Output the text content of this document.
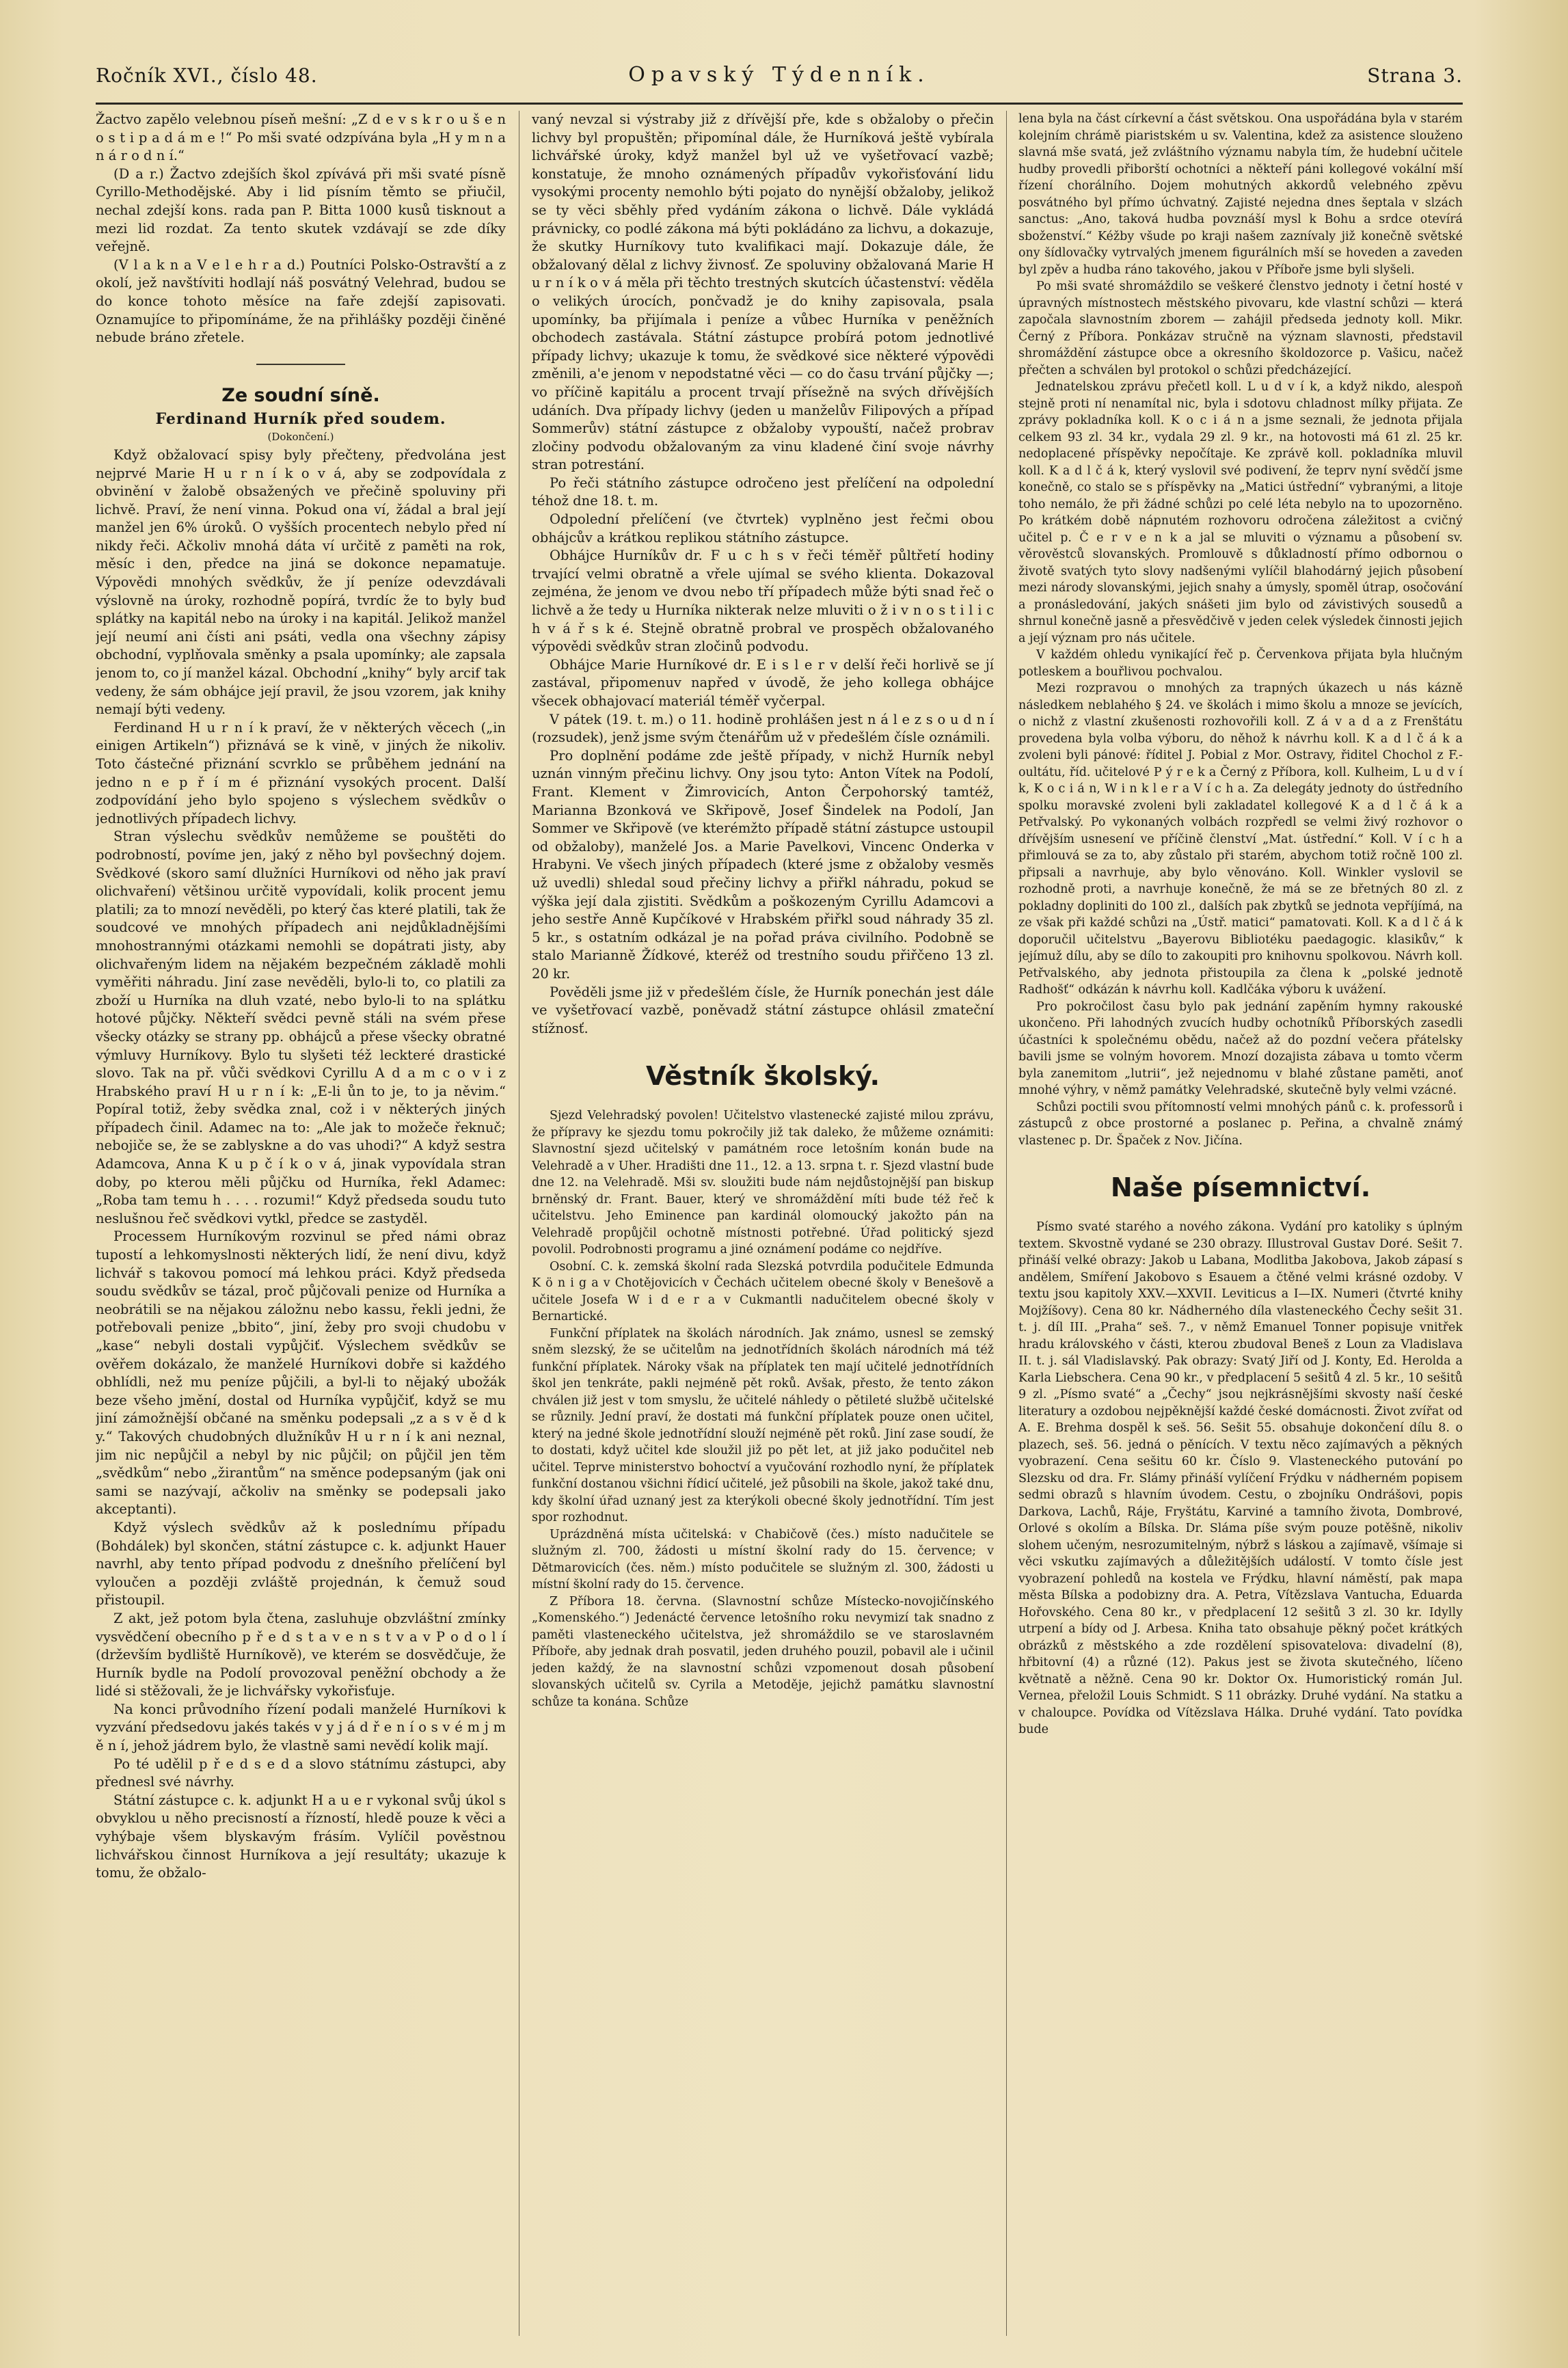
Ročník XVI., číslo 48.	Opavský Týdenník.	Strana 3.

Žactvo zapělo velebnou píseň mešní: „Z d e v s k r o u š e n o s t i p a d á m e !“ Po mši svaté odzpívána byla „H y m n a n á r o d n í.“

(D a r.) Žactvo zdejších škol zpívává při mši svaté písně Cyrillo-Methodějské. Aby i lid písním těmto se přiučil, nechal zdejší kons. rada pan P. Bitta 1000 kusů tisknout a mezi lid rozdat. Za tento skutek vzdávají se zde díky veřejně.

(V l a k n a V e l e h r a d.) Poutníci Polsko-Ostravští a z okolí, jež navštíviti hodlají náš posvátný Velehrad, budou se do konce tohoto měsíce na faře zdejší zapisovati. Oznamujíce to připomínáme, že na přihlášky později činěné nebude bráno zřetele.

Ze soudní síně.

Ferdinand Hurník před soudem.

(Dokončení.)

Když obžalovací spisy byly přečteny, předvolána jest nejprvé Marie H u r n í k o v á, aby se zodpovídala z obvinění v žalobě obsažených ve přečině spoluviny při lichvě. Praví, že není vinna. Pokud ona ví, žádal a bral její manžel jen 6% úroků. O vyšších procentech nebylo před ní nikdy řeči. Ačkoliv mnohá dáta ví určitě z paměti na rok, měsíc i den, předce na jiná se dokonce nepamatuje. Výpovědi mnohých svědkův, že jí peníze odevzdávali výslovně na úroky, rozhodně popírá, tvrdíc že to byly buď splátky na kapitál nebo na úroky i na kapitál. Jelikož manžel její neumí ani čísti ani psáti, vedla ona všechny zápisy obchodní, vyplňovala směnky a psala upomínky; ale zapsala jenom to, co jí manžel kázal. Obchodní „knihy“ byly arcif tak vedeny, že sám obhájce její pravil, že jsou vzorem, jak knihy nemají býti vedeny.

Ferdinand H u r n í k praví, že v některých věcech („in einigen Artikeln“) přiznává se k vině, v jiných že nikoliv. Toto částečné přiznání scvrklo se průběhem jednání na jedno n e p ř í m é přiznání vysokých procent. Další zodpovídání jeho bylo spojeno s výslechem svědkův o jednotlivých případech lichvy.

Stran výslechu svědkův nemůžeme se pouštěti do podrobností, povíme jen, jaký z něho byl povšechný dojem. Svědkové (skoro samí dlužníci Hurníkovi od něho jak praví olichvaření) většinou určitě vypovídali, kolik procent jemu platili; za to mnozí nevěděli, po který čas které platili, tak že soudcové ve mnohých případech ani nejdůkladnějšími mnohostrannými otázkami nemohli se dopátrati jisty, aby olichvařeným lidem na nějakém bezpečném základě mohli vyměřiti náhradu. Jiní zase nevěděli, bylo-li to, co platili za zboží u Hurníka na dluh vzaté, nebo bylo-li to na splátku hotové půjčky. Někteří svědci pevně stáli na svém přese všecky otázky se strany pp. obhájců a přese všecky obratné výmluvy Hurníkovy. Bylo tu slyšeti též leckteré drastické slovo. Tak na př. vůči svědkovi Cyrillu A d a m c o v i z Hrabského praví H u r n í k: „E-li ůn to je, to ja něvim.“ Popíral totiž, žeby svědka znal, což i v některých jiných případech činil. Adamec na to: „Ale jak to možeče řeknuč; nebojiče se, že se zablyskne a do vas uhodi?“ A když sestra Adamcova, Anna K u p č í k o v á, jinak vypovídala stran doby, po kterou měli půjčku od Hurníka, řekl Adamec: „Roba tam temu h . . . . rozumi!“ Když předseda soudu tuto neslušnou řeč svědkovi vytkl, předce se zastyděl.

Processem Hurníkovým rozvinul se před námi obraz tupostí a lehkomyslnosti některých lidí, že není divu, když lichvář s takovou pomocí má lehkou práci. Když předseda soudu svědkův se tázal, proč půjčovali penize od Hurníka a neobrátili se na nějakou záložnu nebo kassu, řekli jedni, že potřebovali penize „bbito“, jiní, žeby pro svoji chudobu v „kase“ nebyli dostali vypůjčiť. Výslechem svědkův se ověřem dokázalo, že manželé Hurníkovi dobře si každého obhlídli, než mu peníze půjčili, a byl-li to nějaký ubožák beze všeho jmění, dostal od Hurníka vypůjčiť, když se mu jiní zámožnější občané na směnku podepsali „z a s v ě d k y.“ Takových chudobných dlužníkův H u r n í k ani neznal, jim nic nepůjčil a nebyl by nic půjčil; on půjčil jen těm „svědkům“ nebo „žirantům“ na směnce podepsaným (jak oni sami se nazývají, ačkoliv na směnky se podepsali jako akceptanti).

Když výslech svědkův až k poslednímu případu (Bohdálek) byl skončen, státní zástupce c. k. adjunkt Hauer navrhl, aby tento případ podvodu z dnešního přelíčení byl vyloučen a později zvláště projednán, k čemuž soud přistoupil.

Z akt, jež potom byla čtena, zasluhuje obzvláštní zmínky vysvědčení obecního p ř e d s t a v e n s t v a v P o d o l í (drževším bydliště Hurníkově), ve kterém se dosvědčuje, že Hurník bydle na Podolí provozoval peněžní obchody a že lidé si stěžovali, že je lichvářsky vykořisťuje.

Na konci průvodního řízení podali manželé Hurníkovi k vyzvání předsedovu jakés takés v y j á d ř e n í o s v é m j m ě n í, jehož jádrem bylo, že vlastně sami nevědí kolik mají.

Po té udělil p ř e d s e d a slovo státnímu zástupci, aby přednesl své návrhy.

Státní zástupce c. k. adjunkt H a u e r vykonal svůj úkol s obvyklou u něho precisností a řízností, hledě pouze k věci a vyhýbaje všem blyskavým frásím. Vylíčil pověstnou lichvářskou činnost Hurníkova a její resultáty; ukazuje k tomu, že obžalo-

vaný nevzal si výstraby již z dřívější pře, kde s obžaloby o přečin lichvy byl propuštěn; připomínal dále, že Hurníková ještě vybírala lichvářské úroky, když manžel byl už ve vyšetřovací vazbě; konstatuje, že mnoho oznámených případův vykořisťování lidu vysokými procenty nemohlo býti pojato do nynější obžaloby, jelikož se ty věci sběhly před vydáním zákona o lichvě. Dále vykládá právnicky, co podlé zákona má býti pokládáno za lichvu, a dokazuje, že skutky Hurníkovy tuto kvalifikaci mají. Dokazuje dále, že obžalovaný dělal z lichvy živnosť. Ze spoluviny obžalovaná Marie H u r n í k o v á měla při těchto trestných skutcích účastenství: věděla o velikých úrocích, pončvadž je do knihy zapisovala, psala upomínky, ba přijímala i peníze a vůbec Hurníka v peněžních obchodech zastávala. Státní zástupce probírá potom jednotlivé případy lichvy; ukazuje k tomu, že svědkové sice některé výpovědi změnili, a'e jenom v nepodstatné věci — co do času trvání půjčky —; vo příčině kapitálu a procent trvají přísežně na svých dřívějších udáních. Dva případy lichvy (jeden u manželův Filipových a případ Sommerův) státní zástupce z obžaloby vypouští, načež probrav zločiny podvodu obžalovaným za vinu kladené činí svoje návrhy stran potrestání.

Po řeči státního zástupce odročeno jest přelíčení na odpolední téhož dne 18. t. m.

Odpolední přelíčení (ve čtvrtek) vyplněno jest řečmi obou obhájcův a krátkou replikou státního zástupce.

Obhájce Hurníkův dr. F u c h s v řeči téměř půltřetí hodiny trvající velmi obratně a vřele ujímal se svého klienta. Dokazoval zejména, že jenom ve dvou nebo tří případech může býti snad řeč o lichvě a že tedy u Hurníka nikterak nelze mluviti o ž i v n o s t i l i c h v á ř s k é. Stejně obratně probral ve prospěch obžalovaného výpovědi svědkův stran zločinů podvodu.

Obhájce Marie Hurníkové dr. E i s l e r v delší řeči horlivě se jí zastával, připomenuv napřed v úvodě, že jeho kollega obhájce všecek obhajovací materiál téměř vyčerpal.

V pátek (19. t. m.) o 11. hodině prohlášen jest n á l e z s o u d n í (rozsudek), jenž jsme svým čtenářům už v předešlém čísle oznámili.

Pro doplnění podáme zde ještě případy, v nichž Hurník nebyl uznán vinným přečinu lichvy. Ony jsou tyto: Anton Vítek na Podolí, Frant. Klement v Žimrovicích, Anton Čerpohorský tamtéž, Marianna Bzonková ve Skřipově, Josef Šindelek na Podolí, Jan Sommer ve Skřipově (ve kterémžto případě státní zástupce ustoupil od obžaloby), manželé Jos. a Marie Pavelkovi, Vincenc Onderka v Hrabyni. Ve všech jiných případech (které jsme z obžaloby vesměs už uvedli) shledal soud přečiny lichvy a přiřkl náhradu, pokud se výška její dala zjistiti. Svědkům a poškozeným Cyrillu Adamcovi a jeho sestře Anně Kupčíkové v Hrabském přiřkl soud náhrady 35 zl. 5 kr., s ostatním odkázal je na pořad práva civilního. Podobně se stalo Marianně Žídkové, kteréž od trestního soudu přiřčeno 13 zl. 20 kr.

Pověděli jsme již v předešlém čísle, že Hurník ponechán jest dále ve vyšetřovací vazbě, poněvadž státní zástupce ohlásil zmateční stížnosť.

Věstník školský.

Sjezd Velehradský povolen! Učitelstvo vlastenecké zajisté milou zprávu, že přípravy ke sjezdu tomu pokročily již tak daleko, že můžeme oznámiti: Slavnostní sjezd učitelský v památném roce letošním konán bude na Velehradě a v Uher. Hradišti dne 11., 12. a 13. srpna t. r. Sjezd vlastní bude dne 12. na Velehradě. Mši sv. sloužiti bude nám nejdůstojnější pan biskup brněnský dr. Frant. Bauer, který ve shromáždění míti bude též řeč k učitelstvu. Jeho Eminence pan kardinál olomoucký jakožto pán na Velehradě propůjčil ochotně místnosti potřebné. Úřad politický sjezd povolil. Podrobnosti programu a jiné oznámení podáme co nejdříve.

Osobní. C. k. zemská školní rada Slezská potvrdila podučitele Edmunda K ö n i g a v Chotějovicích v Čechách učitelem obecné školy v Benešově a učitele Josefa W i d e r a v Cukmantli nadučitelem obecné školy v Bernartické.

Funkční příplatek na školách národních. Jak známo, usnesl se zemský sněm slezský, že se učitelům na jednotřídních školách národních má též funkční příplatek. Nároky však na příplatek ten mají učitelé jednotřídních škol jen tenkráte, pakli nejméně pět roků. Avšak, přesto, že tento zákon chválen již jest v tom smyslu, že učitelé náhledy o pětileté službě učitelské se různily. Jední praví, že dostati má funkční příplatek pouze onen učitel, který na jedné škole jednotřídní slouží nejméně pět roků. Jiní zase soudí, že to dostati, když učitel kde sloužil již po pět let, at již jako podučitel neb učitel. Teprve ministerstvo bohoctví a vyučování rozhodlo nyní, že příplatek funkční dostanou všichni řídicí učitelé, jež působili na škole, jakož také dnu, kdy školní úřad uznaný jest za kterýkoli obecné školy jednotřídní. Tím jest spor rozhodnut.

Uprázdněná místa učitelská: v Chabičově (čes.) místo nadučitele se služným zl. 700, žádosti u místní školní rady do 15. července; v Dětmarovicích (čes. něm.) místo podučitele se služným zl. 300, žádosti u místní školní rady do 15. července.

Z Příbora 18. června. (Slavnostní schůze Místecko-novojičínského „Komenského.“) Jedenácté července letošního roku nevymizí tak snadno z paměti vlasteneckého učitelstva, jež shromáždilo se ve staroslavném Příboře, aby jednak drah posvatil, jeden druhého pouzil, pobavil ale i učinil jeden každý, že na slavnostní schůzi vzpomenout dosah působení slovanských učitelů sv. Cyrila a Metoděje, jejichž památku slavnostní schůze ta konána. Schůze

lena byla na část církevní a část světskou. Ona uspořádána byla v starém kolejním chrámě piaristském u sv. Valentina, kdež za asistence slouženo slavná mše svatá, jež zvláštního významu nabyla tím, že hudební učitele hudby provedli přiborští ochotníci a někteří páni kollegové vokální mší řízení chorálního. Dojem mohutných akkordů velebného zpěvu posvátného byl přímo úchvatný. Zajisté nejedna dnes šeptala v slzách sanctus: „Ano, taková hudba povznáší mysl k Bohu a srdce otevírá sboženství.“ Kéžby všude po kraji našem zaznívaly již konečně světské ony šídlovačky vytrvalých jmenem figurálních mší se hoveden a zaveden byl zpěv a hudba ráno takového, jakou v Příboře jsme byli slyšeli.

Po mši svaté shromáždilo se veškeré členstvo jednoty i četní hosté v úpravných místnostech městského pivovaru, kde vlastní schůzi — která započala slavnostním zborem — zahájil předseda jednoty koll. Mikr. Černý z Příbora. Ponkázav stručně na význam slavnosti, představil shromáždění zástupce obce a okresního školdozorce p. Vašicu, načež přečten a schválen byl protokol o schůzi předcházející.

Jednatelskou zprávu přečetl koll. L u d v í k, a když nikdo, alespoň stejně proti ní nenamítal nic, byla i sdotovu chladnost mílky přijata. Ze zprávy pokladníka koll. K o c i á n a jsme seznali, že jednota přijala celkem 93 zl. 34 kr., vydala 29 zl. 9 kr., na hotovosti má 61 zl. 25 kr. nedoplacené příspěvky nepočítaje. Ke zprávě koll. pokladníka mluvil koll. K a d l č á k, který vyslovil své podivení, že teprv nyní svědčí jsme konečně, co stalo se s příspěvky na „Matici ústřední“ vybranými, a litoje toho nemálo, že při žádné schůzi po celé léta nebylo na to upozorněno. Po krátkém době nápnutém rozhovoru odročena záležitost a cvičný učitel p. Č e r v e n k a jal se mluviti o významu a působení sv. věrověstců slovanských. Promlouvě s důkladností přímo odbornou o životě svatých tyto slovy nadšenými vylíčil blahodárný jejich působení mezi národy slovanskými, jejich snahy a úmysly, spoměl útrap, osočování a pronásledování, jakých snášeti jim bylo od závistivých sousedů a shrnul konečně jasně a přesvědčivě v jeden celek výsledek činnosti jejich a její význam pro nás učitele.

V každém ohledu vynikající řeč p. Červenkova přijata byla hlučným potleskem a bouřlivou pochvalou.

Mezi rozpravou o mnohých za trapných úkazech u nás kázně následkem neblahého § 24. ve školách i mimo školu a mnoze se jevících, o nichž z vlastní zkušenosti rozhovořili koll. Z á v a d a z Frenštátu provedena byla volba výboru, do něhož k návrhu koll. K a d l č á k a zvoleni byli pánové: říditel J. Pobial z Mor. Ostravy, řiditel Chochol z F.-oultátu, říd. učitelové P ý r e k a Černý z Příbora, koll. Kulheim, L u d v í k, K o c i á n, W i n k l e r a V í c h a. Za delegáty jednoty do ústředního spolku moravské zvoleni byli zakladatel kollegové K a d l č á k a Petřvalský. Po vykonaných volbách rozpředl se velmi živý rozhovor o dřívějším usnesení ve příčině členství „Mat. ústřední.“ Koll. V í c h a přimlouvá se za to, aby zůstalo při starém, abychom totiž ročně 100 zl. připsali a navrhuje, aby bylo věnováno. Koll. Winkler vyslovil se rozhodně proti, a navrhuje konečně, že má se ze břetných 80 zl. z pokladny dopliniti do 100 zl., dalších pak zbytků se jednota vepříjímá, na ze však při každé schůzi na „Ústř. matici“ pamatovati. Koll. K a d l č á k doporučil učitelstvu „Bayerovu Bibliotéku paedagogic. klasikův,“ k jejímuž dílu, aby se dílo to zakoupiti pro knihovnu spolkovou. Návrh koll. Petřvalského, aby jednota přistoupila za člena k „polské jednotě Radhošť“ odkázán k návrhu koll. Kadlčáka výboru k uvážení.

Pro pokročilost času bylo pak jednání zapěním hymny rakouské ukončeno. Při lahodných zvucích hudby ochotníků Příborských zasedli účastníci k společnému obědu, načež až do pozdní večera přátelsky bavili jsme se volným hovorem. Mnozí dozajista zábava u tomto včerm byla zanemitom „lutrii“, jež nejednomu v blahé zůstane paměti, anoť mnohé výhry, v němž památky Velehradské, skutečně byly velmi vzácné.

Schůzi poctili svou přítomností velmi mnohých pánů c. k. professorů i zástupců z obce prostorné a poslanec p. Peřina, a chvalně známý vlastenec p. Dr. Špaček z Nov. Jičína.

Naše písemnictví.

Písmo svaté starého a nového zákona. Vydání pro katoliky s úplným textem. Skvostně vydané se 230 obrazy. Illustroval Gustav Doré. Sešit 7. přináší velké obrazy: Jakob u Labana, Modlitba Jakobova, Jakob zápasí s andělem, Smíření Jakobovo s Esauem a čtěné velmi krásné ozdoby. V textu jsou kapitoly XXV.—XXVII. Leviticus a I—IX. Numeri (čtvrté knihy Mojžíšovy). Cena 80 kr. Nádherného díla vlasteneckého Čechy sešit 31. t. j. díl III. „Praha“ seš. 7., v němž Emanuel Tonner popisuje vnitřek hradu královského v části, kterou zbudoval Beneš z Loun za Vladislava II. t. j. sál Vladislavský. Pak obrazy: Svatý Jiří od J. Konty, Ed. Herolda a Karla Liebschera. Cena 90 kr., v předplacení 5 sešitů 4 zl. 5 kr., 10 sešitů 9 zl. „Písmo svaté“ a „Čechy“ jsou nejkrásnějšími skvosty naší české literatury a ozdobou nejpěknější každé české domácnosti. Život zvířat od A. E. Brehma dospěl k seš. 56. Sešit 55. obsahuje dokončení dílu 8. o plazech, seš. 56. jedná o pěnících. V textu něco zajímavých a pěkných vyobrazení. Cena sešitu 60 kr. Číslo 9. Vlasteneckého putování po Slezsku od dra. Fr. Slámy přináší vylíčení Frýdku v nádherném popisem sedmi obrazů s hlavním úvodem. Cestu, o zbojníku Ondrášovi, popis Darkova, Lachů, Ráje, Fryštátu, Karviné a tamního života, Dombrové, Orlové s okolím a Bílska. Dr. Sláma píše svým pouze potěšně, nikoliv slohem učeným, nesrozumitelným, nýbrž s láskou a zajímavě, všímaje si věci vskutku zajímavých a důležitějších událostí. V tomto čísle jest vyobrazení pohledů na kostela ve Frýdku, hlavní náměstí, pak mapa města Bílska a podobizny dra. A. Petra, Vítězslava Vantucha, Eduarda Hořovského. Cena 80 kr., v předplacení 12 sešitů 3 zl. 30 kr. Idylly utrpení a bídy od J. Arbesa. Kniha tato obsahuje pěkný počet krátkých obrázků z městského a zde rozdělení spisovatelova: divadelní (8), hřbitovní (4) a různé (12). Pakus jest se života skutečného, líčeno květnatě a něžně. Cena 90 kr. Doktor Ox. Humoristický román Jul. Vernea, přeložil Louis Schmidt. S 11 obrázky. Druhé vydání. Na statku a v chaloupce. Povídka od Vítězslava Hálka. Druhé vydání. Tato povídka bude
